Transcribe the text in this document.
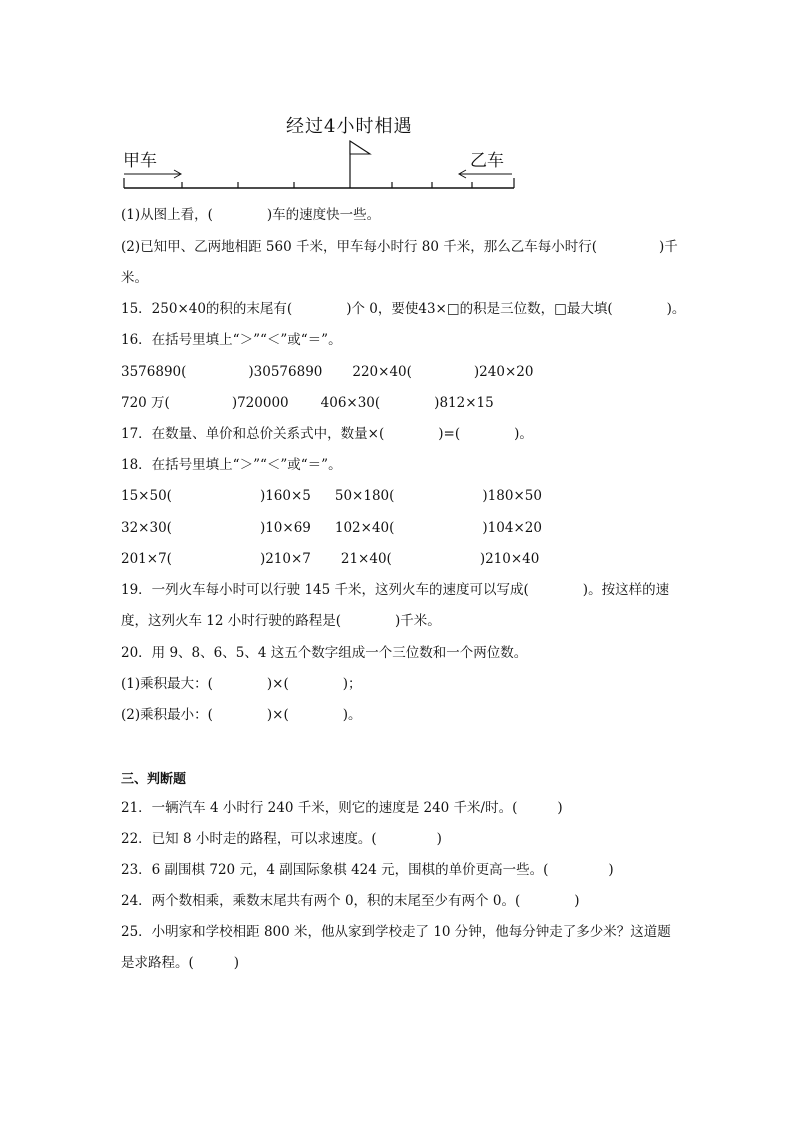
经过4小时相遇
甲车	乙车
(1)从图上看，(	)车的速度快一些。
(2)已知甲、乙两地相距 560 千米，甲车每小时行 80 千米，那么乙车每小时行(	)千
米。
15．250×40的积的末尾有(	)个 0，要使43×□的积是三位数，□最大填(	)。
16．在括号里填上“＞”“＜”或“＝”。
3576890(	)30576890 220×40(	)240×20
720 万(	)720000 406×30(	)812×15
17．在数量、单价和总价关系式中，数量×(	)=(	)。
18．在括号里填上“＞”“＜”或“＝”。
15×50(	)160×5 50×180(	)180×50
32×30(	)10×69 102×40(	)104×20
201×7(	)210×7 21×40(	)210×40
19．一列火车每小时可以行驶 145 千米，这列火车的速度可以写成(	)。按这样的速
度，这列火车 12 小时行驶的路程是(	)千米。
20．用 9、8、6、5、4 这五个数字组成一个三位数和一个两位数。
(1)乘积最大：(	)×(	)；
(2)乘积最小：(	)×(	)。
三、判断题
21．一辆汽车 4 小时行 240 千米，则它的速度是 240 千米/时。(	)
22．已知 8 小时走的路程，可以求速度。(	)
23．6 副围棋 720 元，4 副国际象棋 424 元，围棋的单价更高一些。(	)
24．两个数相乘，乘数末尾共有两个 0，积的末尾至少有两个 0。(	)
25．小明家和学校相距 800 米，他从家到学校走了 10 分钟，他每分钟走了多少米？这道题
是求路程。(	)
